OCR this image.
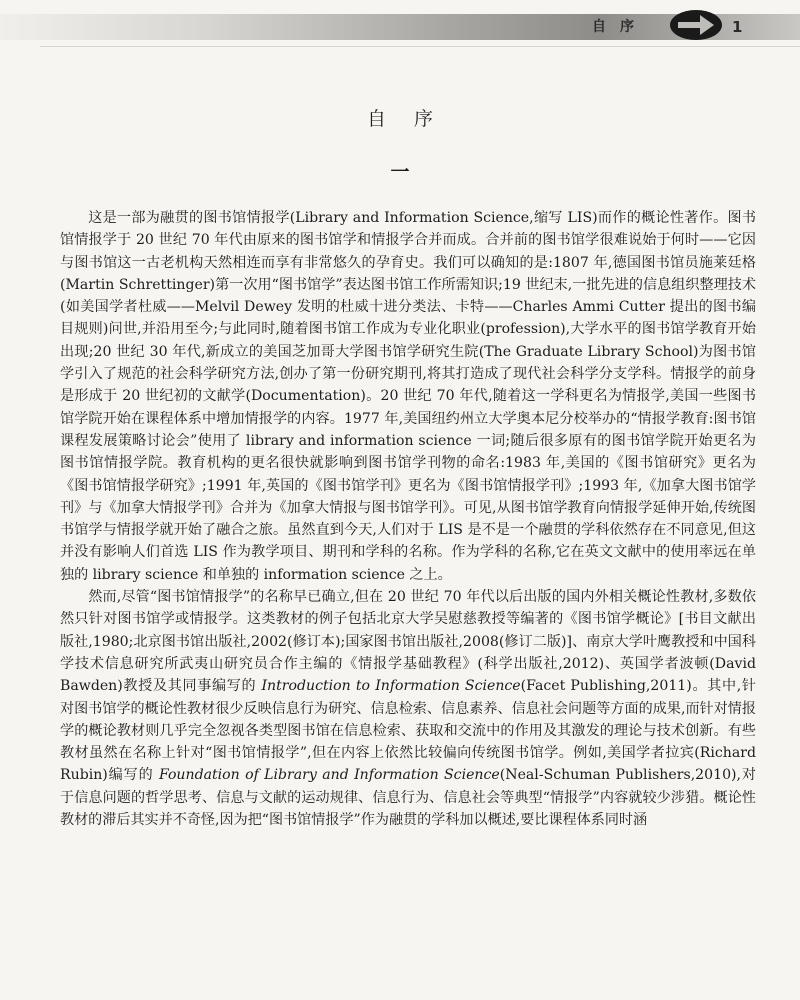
自序	1
自序
一

这是一部为融贯的图书馆情报学(Library and Information Science,缩写 LIS)而作的概论性著作。图书馆情报学于 20 世纪 70 年代由原来的图书馆学和情报学合并而成。合并前的图书馆学很难说始于何时——它因与图书馆这一古老机构天然相连而享有非常悠久的孕育史。我们可以确知的是:1807 年,德国图书馆员施莱廷格(Martin Schrettinger)第一次用“图书馆学”表达图书馆工作所需知识;19 世纪末,一批先进的信息组织整理技术(如美国学者杜威——Melvil Dewey 发明的杜威十进分类法、卡特——Charles Ammi Cutter 提出的图书编目规则)问世,并沿用至今;与此同时,随着图书馆工作成为专业化职业(profession),大学水平的图书馆学教育开始出现;20 世纪 30 年代,新成立的美国芝加哥大学图书馆学研究生院(The Graduate Library School)为图书馆学引入了规范的社会科学研究方法,创办了第一份研究期刊,将其打造成了现代社会科学分支学科。情报学的前身是形成于 20 世纪初的文献学(Documentation)。20 世纪 70 年代,随着这一学科更名为情报学,美国一些图书馆学院开始在课程体系中增加情报学的内容。1977 年,美国纽约州立大学奥本尼分校举办的“情报学教育:图书馆课程发展策略讨论会”使用了 library and information science 一词;随后很多原有的图书馆学院开始更名为图书馆情报学院。教育机构的更名很快就影响到图书馆学刊物的命名:1983 年,美国的《图书馆研究》更名为《图书馆情报学研究》;1991 年,英国的《图书馆学刊》更名为《图书馆情报学刊》;1993 年,《加拿大图书馆学刊》与《加拿大情报学刊》合并为《加拿大情报与图书馆学刊》。可见,从图书馆学教育向情报学延伸开始,传统图书馆学与情报学就开始了融合之旅。虽然直到今天,人们对于 LIS 是不是一个融贯的学科依然存在不同意见,但这并没有影响人们首选 LIS 作为教学项目、期刊和学科的名称。作为学科的名称,它在英文文献中的使用率远在单独的 library science 和单独的 information science 之上。

然而,尽管“图书馆情报学”的名称早已确立,但在 20 世纪 70 年代以后出版的国内外相关概论性教材,多数依然只针对图书馆学或情报学。这类教材的例子包括北京大学吴慰慈教授等编著的《图书馆学概论》[书目文献出版社,1980;北京图书馆出版社,2002(修订本);国家图书馆出版社,2008(修订二版)]、南京大学叶鹰教授和中国科学技术信息研究所武夷山研究员合作主编的《情报学基础教程》(科学出版社,2012)、英国学者波顿(David Bawden)教授及其同事编写的 Introduction to Information Science(Facet Publishing,2011)。其中,针对图书馆学的概论性教材很少反映信息行为研究、信息检索、信息素养、信息社会问题等方面的成果,而针对情报学的概论教材则几乎完全忽视各类型图书馆在信息检索、获取和交流中的作用及其激发的理论与技术创新。有些教材虽然在名称上针对“图书馆情报学”,但在内容上依然比较偏向传统图书馆学。例如,美国学者拉宾(Richard Rubin)编写的 Foundation of Library and Information Science(Neal-Schuman Publishers,2010),对于信息问题的哲学思考、信息与文献的运动规律、信息行为、信息社会等典型“情报学”内容就较少涉猎。概论性教材的滞后其实并不奇怪,因为把“图书馆情报学”作为融贯的学科加以概述,要比课程体系同时涵
